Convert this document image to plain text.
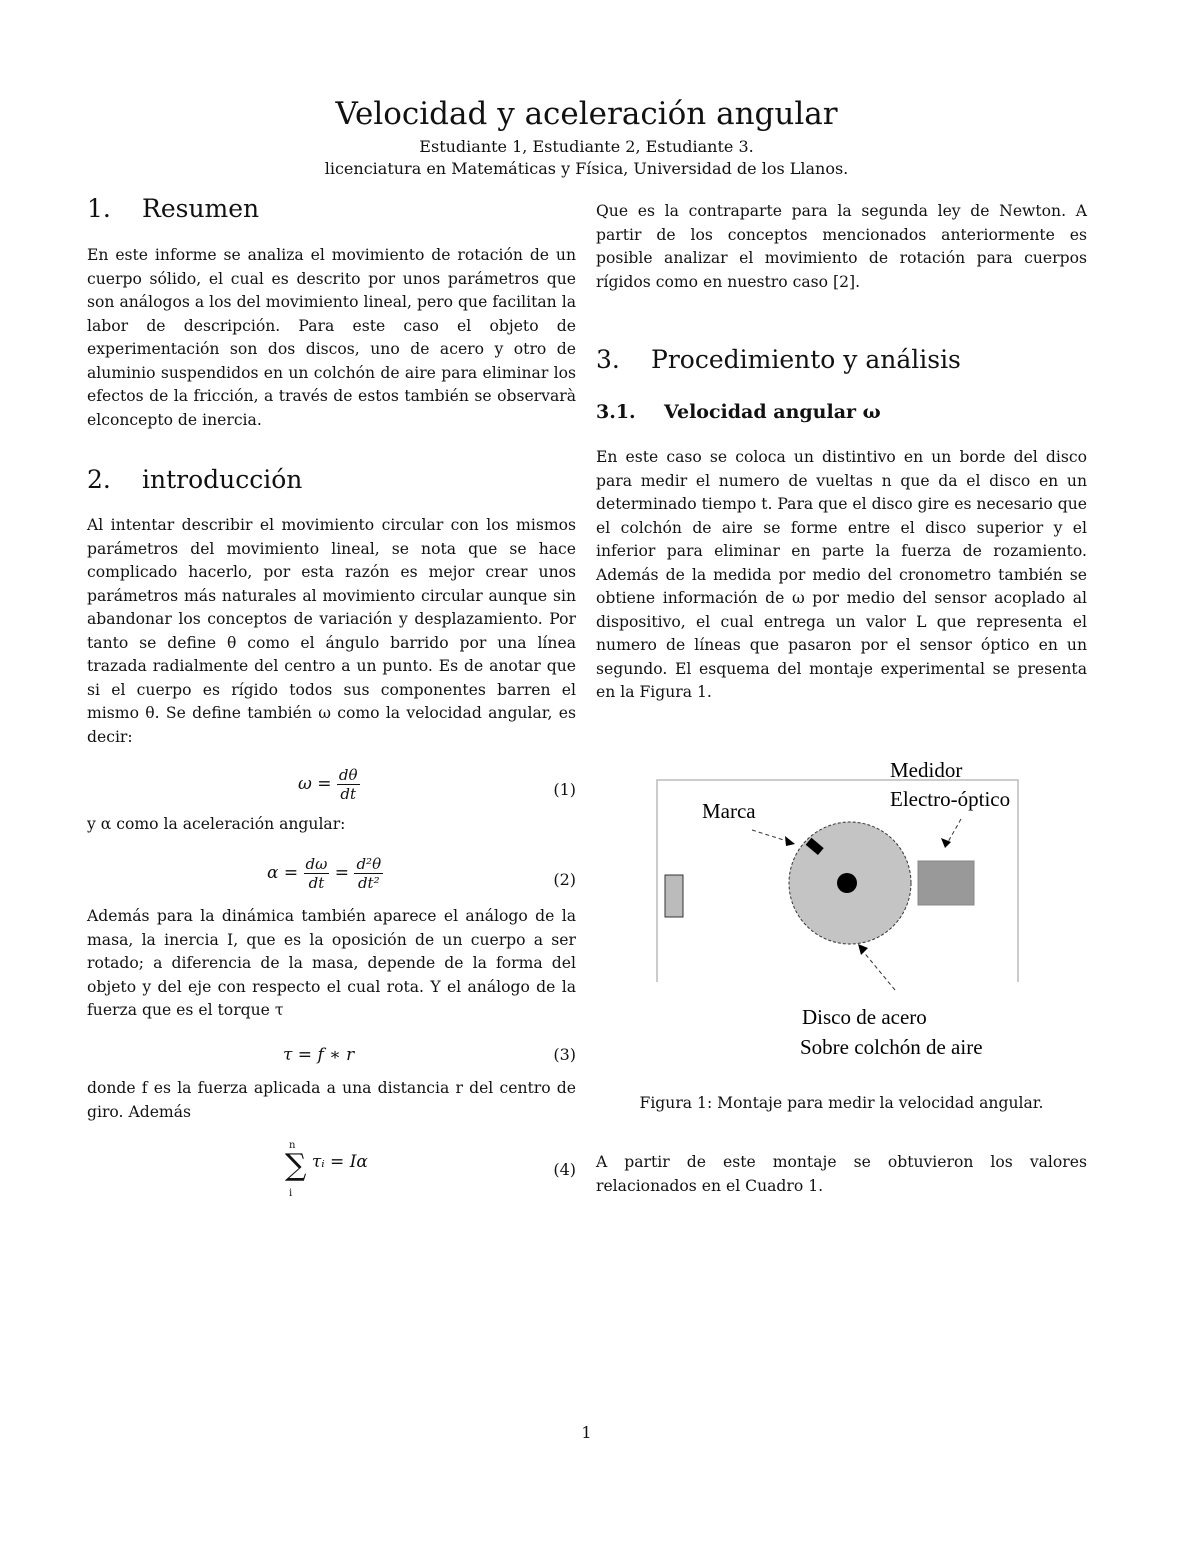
Velocidad y aceleración angular
Estudiante 1, Estudiante 2, Estudiante 3.
licenciatura en Matemáticas y Física, Universidad de los Llanos.
1. Resumen
En este informe se analiza el movimiento de rotación de un cuerpo sólido, el cual es descrito por unos parámetros que son análogos a los del movimiento lineal, pero que facilitan la labor de descripción. Para este caso el objeto de experimentación son dos discos, uno de acero y otro de aluminio suspendidos en un colchón de aire para eliminar los efectos de la fricción, a través de estos también se observarà elconcepto de inercia.
2. introducción
Al intentar describir el movimiento circular con los mismos parámetros del movimiento lineal, se nota que se hace complicado hacerlo, por esta razón es mejor crear unos parámetros más naturales al movimiento circular aunque sin abandonar los conceptos de variación y desplazamiento. Por tanto se define θ como el ángulo barrido por una línea trazada radialmente del centro a un punto. Es de anotar que si el cuerpo es rígido todos sus componentes barren el mismo θ. Se define también ω como la velocidad angular, es decir:
$\omega = \frac{d\theta}{dt}$	(1)
y α como la aceleración angular:
$\alpha = \frac{d\omega}{dt} = \frac{\text{d²θ}}{\text{dt²}}$	(2)
Además para la dinámica también aparece el análogo de la masa, la inercia I, que es la oposición de un cuerpo a ser rotado; a diferencia de la masa, depende de la forma del objeto y del eje con respecto el cual rota. Y el análogo de la fuerza que es el torque τ
τ = f ∗ r	(3)
donde f es la fuerza aplicada a una distancia r del centro de giro. Además
n
i
∑ τᵢ = Iα	(4)
Que es la contraparte para la segunda ley de Newton. A partir de los conceptos mencionados anteriormente es posible analizar el movimiento de rotación para cuerpos rígidos como en nuestro caso [2].
3. Procedimiento y análisis
3.1. Velocidad angular ω
En este caso se coloca un distintivo en un borde del disco para medir el numero de vueltas n que da el disco en un determinado tiempo t. Para que el disco gire es necesario que el colchón de aire se forme entre el disco superior y el inferior para eliminar en parte la fuerza de rozamiento. Además de la medida por medio del cronometro también se obtiene información de ω por medio del sensor acoplado al dispositivo, el cual entrega un valor L que representa el numero de líneas que pasaron por el sensor óptico en un segundo. El esquema del montaje experimental se presenta en la Figura 1.
Marca
Medidor
Electro-óptico
Disco de acero
Sobre colchón de aire
Figura 1: Montaje para medir la velocidad angular.
A partir de este montaje se obtuvieron los valores relacionados en el Cuadro 1.
1
